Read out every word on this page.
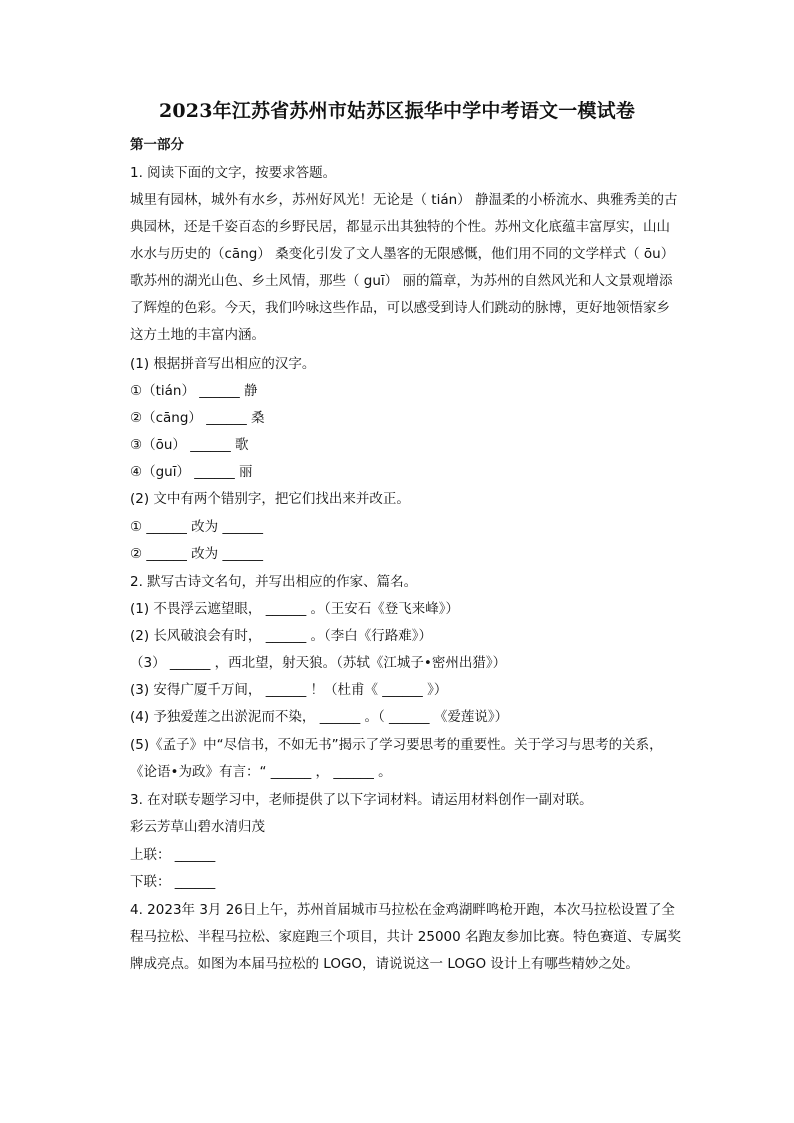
2023年江苏省苏州市姑苏区振华中学中考语文一模试卷
第一部分
1. 阅读下面的文字，按要求答题。
城里有园林，城外有水乡，苏州好风光！无论是（ tián） 静温柔的小桥流水、典雅秀美的古
典园林，还是千姿百态的乡野民居，都显示出其独特的个性。苏州文化底蕴丰富厚实，山山
水水与历史的（cāng） 桑变化引发了文人墨客的无限感慨，他们用不同的文学样式（ ōu）
歌苏州的湖光山色、乡土风情，那些（ guī） 丽的篇章，为苏州的自然风光和人文景观增添
了辉煌的色彩。今天，我们吟咏这些作品，可以感受到诗人们跳动的脉博，更好地领悟家乡
这方土地的丰富内涵。
(1) 根据拼音写出相应的汉字。
①（tián） ______ 静
②（cāng） ______ 桑
③（ōu） ______ 歌
④（guī） ______ 丽
(2) 文中有两个错别字，把它们找出来并改正。
① ______ 改为 ______
② ______ 改为 ______
2. 默写古诗文名句，并写出相应的作家、篇名。
(1) 不畏浮云遮望眼， ______ 。（王安石《登飞来峰》）
(2) 长风破浪会有时， ______ 。（李白《行路难》）
（3） ______ ，西北望，射天狼。（苏轼《江城子•密州出猎》）
(3) 安得广厦千万间， ______ ！（杜甫《 ______ 》）
(4) 予独爱莲之出淤泥而不染， ______ 。（ ______ 《爱莲说》）
(5)《孟子》中“尽信书，不如无书”揭示了学习要思考的重要性。关于学习与思考的关系，
《论语•为政》有言：“ ______ ， ______ 。
3. 在对联专题学习中，老师提供了以下字词材料。请运用材料创作一副对联。
彩云芳草山碧水清归茂
上联： ______
下联： ______
4. 2023年 3月 26日上午，苏州首届城市马拉松在金鸡湖畔鸣枪开跑，本次马拉松设置了全
程马拉松、半程马拉松、家庭跑三个项目，共计 25000 名跑友参加比赛。特色赛道、专属奖
牌成亮点。如图为本届马拉松的 LOGO，请说说这一 LOGO 设计上有哪些精妙之处。
